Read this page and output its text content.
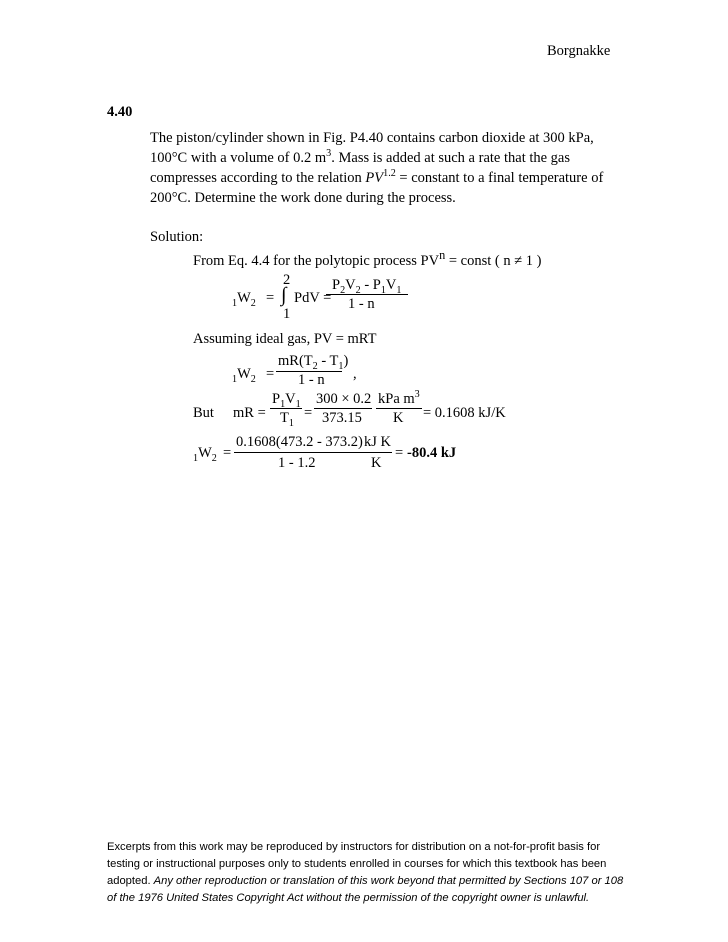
Borgnakke
4.40
The piston/cylinder shown in Fig. P4.40 contains carbon dioxide at 300 kPa,
100°C with a volume of 0.2 $m^3$. Mass is added at such a rate that the gas
compresses according to the relation $PV^{1.2}$ = constant to a final temperature of
200°C. Determine the work done during the process.
Solution:
From Eq. 4.4 for the polytopic process $PV^n$ = const ( n ≠ 1 )
$_1W_2$ =
2
∫ PdV =
1
$P_2V_2 - P_1V_1$
1 - n
Assuming ideal gas, PV = mRT
$_1W_2$ =
$mR(T_2 - T_1)$
1 - n ,
But mR =
$P_1V_1$
$T_1$
=
300 × 0.2
373.15
kPa $m^3$
K = 0.1608 kJ/K
$_1W_2$ =
0.1608(473.2 - 373.2)
1 - 1.2
kJ K
K
= -80.4 kJ
Excerpts from this work may be reproduced by instructors for distribution on a not-for-profit basis for
testing or instructional purposes only to students enrolled in courses for which this textbook has been
adopted. Any other reproduction or translation of this work beyond that permitted by Sections 107 or 108
of the 1976 United States Copyright Act without the permission of the copyright owner is unlawful.
